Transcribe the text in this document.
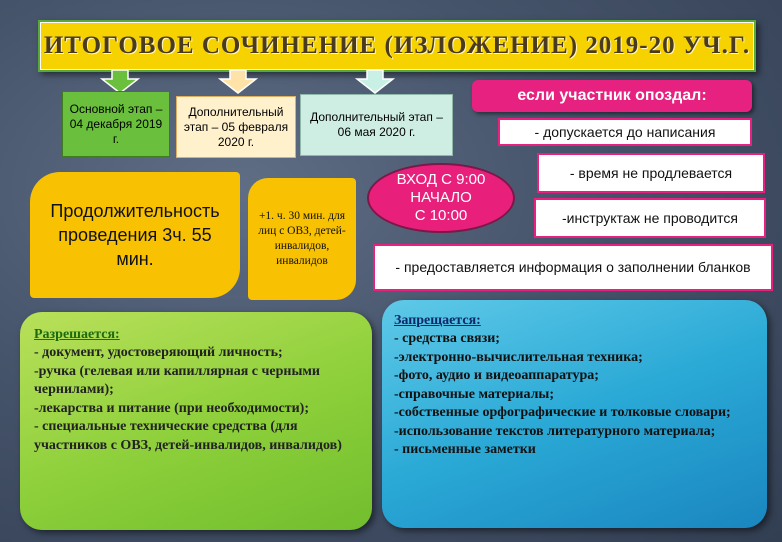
ИТОГОВОЕ СОЧИНЕНИЕ (ИЗЛОЖЕНИЕ) 2019-20 УЧ.Г.
Основной этап – 04 декабря 2019 г.
Дополнительный этап – 05 февраля 2020 г.
Дополнительный этап – 06 мая 2020 г.
если участник опоздал:
- допускается до написания
- время не продлевается
-инструктаж не проводится
- предоставляется информация о заполнении бланков
Продолжительность проведения 3ч. 55 мин.
+1. ч. 30 мин. для лиц с ОВЗ, детей-инвалидов, инвалидов
ВХОД С 9:00
НАЧАЛО
С 10:00
Разрешается:
- документ, удостоверяющий личность;
-ручка (гелевая или капиллярная с черными чернилами);
-лекарства и питание (при необходимости);
- специальные технические средства (для участников с ОВЗ, детей-инвалидов, инвалидов)
Запрещается:
- средства связи;
-электронно-вычислительная техника;
-фото, аудио и видеоаппаратура;
-справочные материалы;
-собственные орфографические и толковые словари;
-использование текстов литературного материала;
- письменные заметки
